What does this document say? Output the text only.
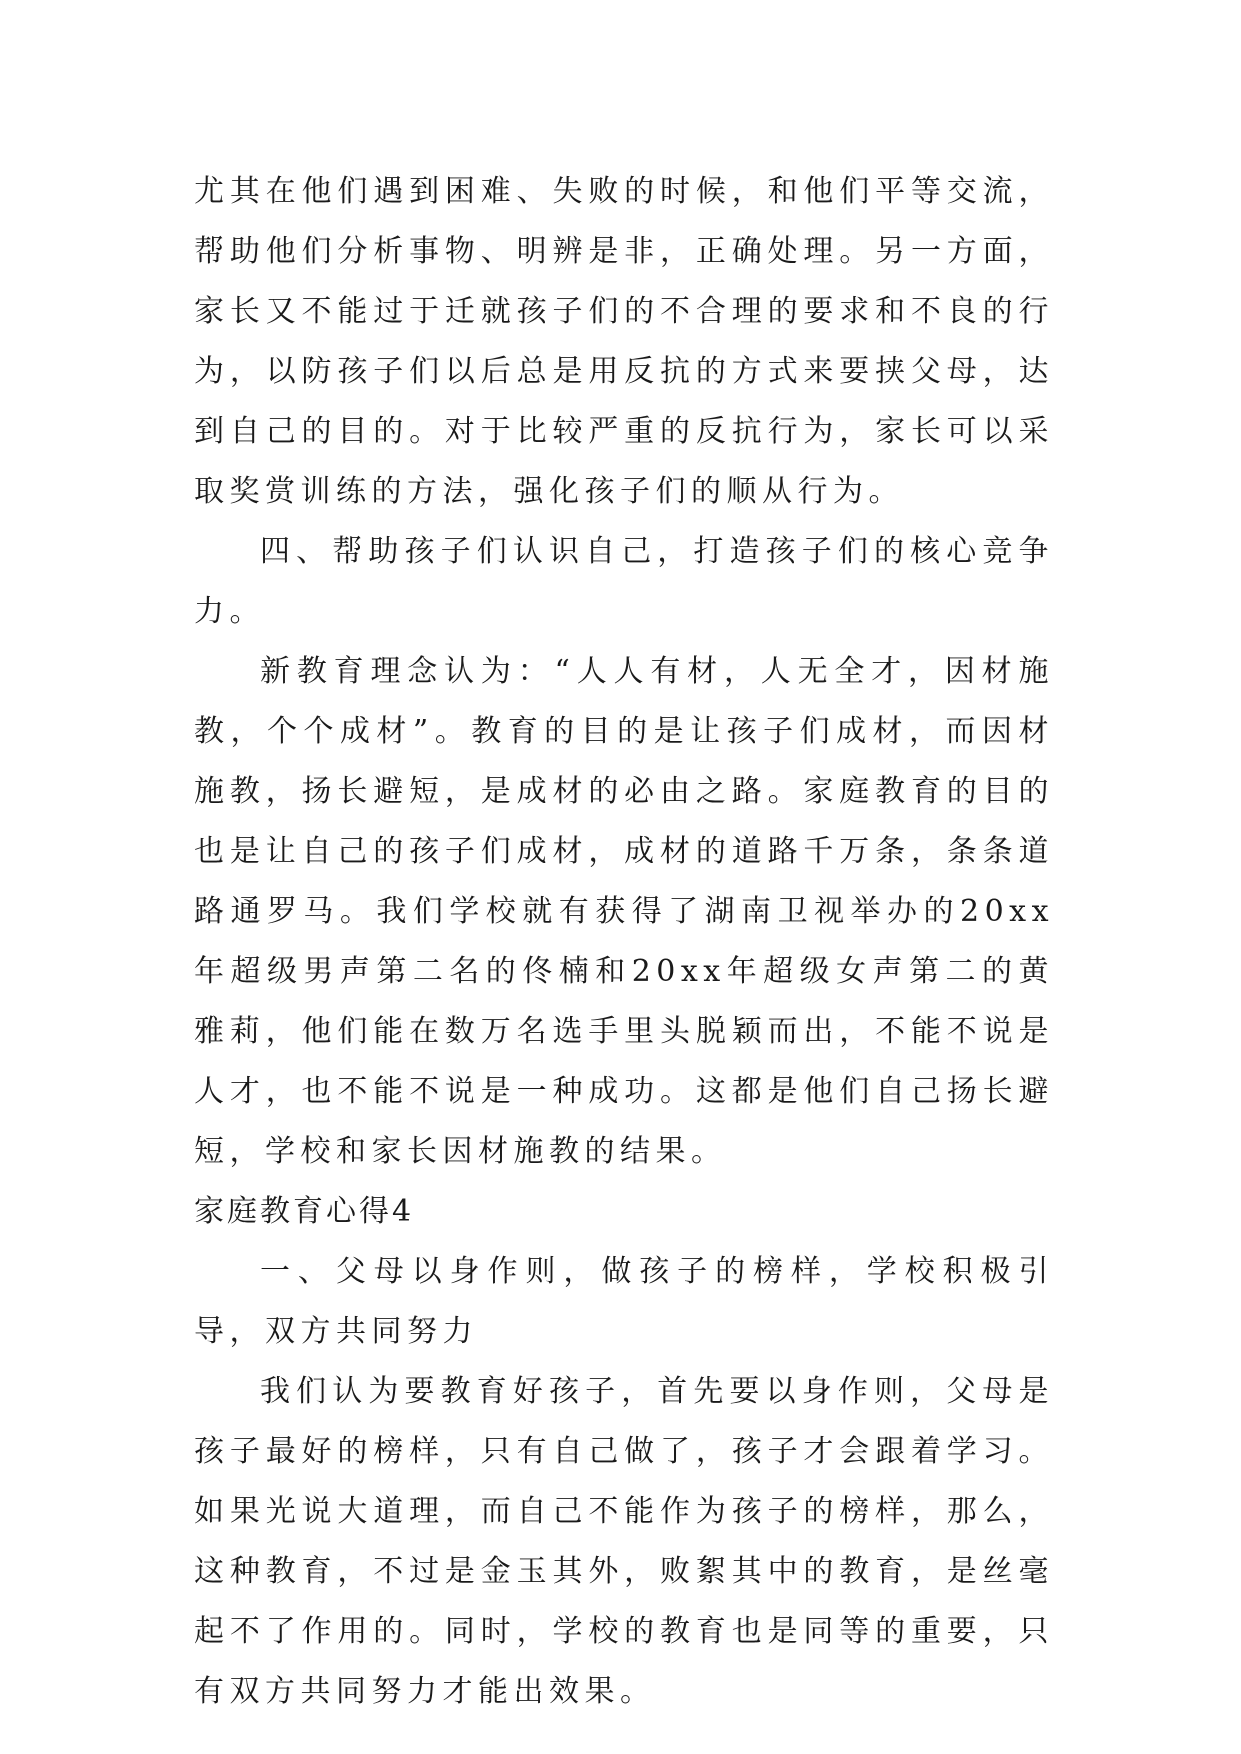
尤其在他们遇到困难、失败的时候，和他们平等交流，帮助他们分析事物、明辨是非，正确处理。另一方面，家长又不能过于迁就孩子们的不合理的要求和不良的行为，以防孩子们以后总是用反抗的方式来要挟父母，达到自己的目的。对于比较严重的反抗行为，家长可以采取奖赏训练的方法，强化孩子们的顺从行为。

四、帮助孩子们认识自己，打造孩子们的核心竞争力。

新教育理念认为：“人人有材，人无全才，因材施教，个个成材”。教育的目的是让孩子们成材，而因材施教，扬长避短，是成材的必由之路。家庭教育的目的也是让自己的孩子们成材，成材的道路千万条，条条道路通罗马。我们学校就有获得了湖南卫视举办的20xx年超级男声第二名的佟楠和20xx年超级女声第二的黄雅莉，他们能在数万名选手里头脱颖而出，不能不说是人才，也不能不说是一种成功。这都是他们自己扬长避短，学校和家长因材施教的结果。

家庭教育心得4

一、父母以身作则，做孩子的榜样，学校积极引导，双方共同努力

我们认为要教育好孩子，首先要以身作则，父母是孩子最好的榜样，只有自己做了，孩子才会跟着学习。如果光说大道理，而自己不能作为孩子的榜样，那么，这种教育，不过是金玉其外，败絮其中的教育，是丝毫起不了作用的。同时，学校的教育也是同等的重要，只有双方共同努力才能出效果。
